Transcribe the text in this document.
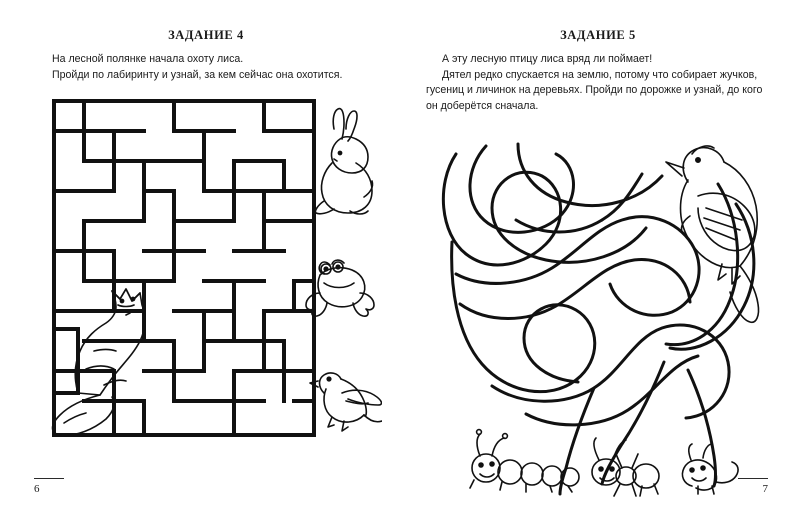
ЗАДАНИЕ 4

На лесной полянке начала охоту лиса.

Пройди по лабиринту и узнай, за кем сейчас она охотится.

6
ЗАДАНИЕ 5

А эту лесную птицу лиса вряд ли поймает!

Дятел редко спускается на землю, потому что собирает жучков, гусениц и личинок на деревьях. Пройди по дорожке и узнай, до кого он доберётся сначала.

7
